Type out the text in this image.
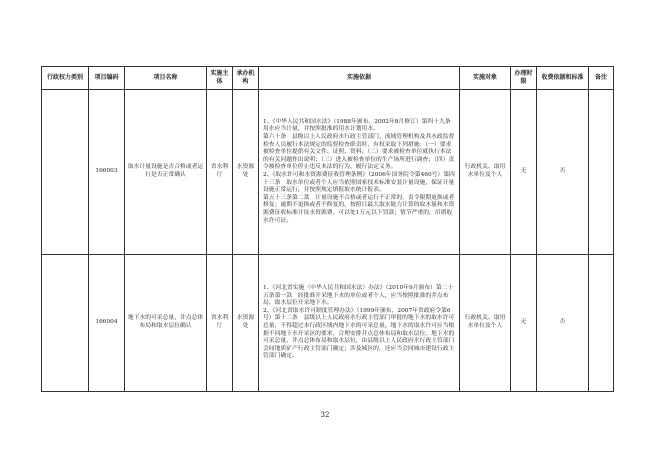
行政权力类别	项目编码	项目名称	实施主体	承办机构	实施依据	实施对象	办理时限	收费依据和标准	备注
	166003	取水计量设施是否合格或者运行是否正常确认	省水利厅	水资源处	1、《中华人民共和国水法》（1988年颁布，2002年8月修订）第四十九条 用水应当计量，并按照批准的用水计划用水。

第六十条　县级以上人民政府水行政主管部门、流域管理机构及其水政监督检查人员履行本法规定的监督检查职责时，有权采取下列措施：（一）要求被检查单位提供有关文件、证照、资料；（二）要求被检查单位就执行本法的有关问题作出说明；（三）进入被检查单位的生产场所进行调查；（四）责令被检查单位停止违反本法的行为，履行法定义务。

2、《取水许可和水资源费征收管理条例》（2006年国务院令第460号）第四十三条　取水单位或者个人应当依照国家技术标准安装计量设施，保证计量设施正常运行，并按照规定填报取水统计报表。

第五十三条第二款　计量设施不合格或者运行不正常的，责令限期更换或者修复；逾期不更换或者不修复的，按照日最大取水能力计算的取水量和水资源费征收标准计征水资源费，可以处1万元以下罚款；情节严重的，吊销取水许可证。	行政机关、取用水单位及个人	无	否	
	166004	地下水的可采总量、井点总体布局和取水层位确认	省水利厅	水资源处	1、《河北省实施〈中华人民共和国水法〉办法》（2010年9月颁布）第二十五条第一款　经批准开采地下水的单位或者个人，应当按照批准的井点布局、取水层位开采地下水。

2、《河北省取水许可制度管理办法》（1999年颁布，2007年省政府令第6号）第十二条　县级以上人民政府水行政主管部门审批的地下水的取水许可总量，不得超过本行政区域内地下水的可采总量。地下水的取水许可应当根据不同地下水开采区的要求，合理安排井点总体布局和取水层位。地下水的可采总量、井点总体布局和取水层位，由县级以上人民政府水行政主管部门会同地质矿产行政主管部门确定；涉及城区的，还应当会同城市建设行政主管部门确定。	行政机关、取用水单位及个人	无	否	
32
